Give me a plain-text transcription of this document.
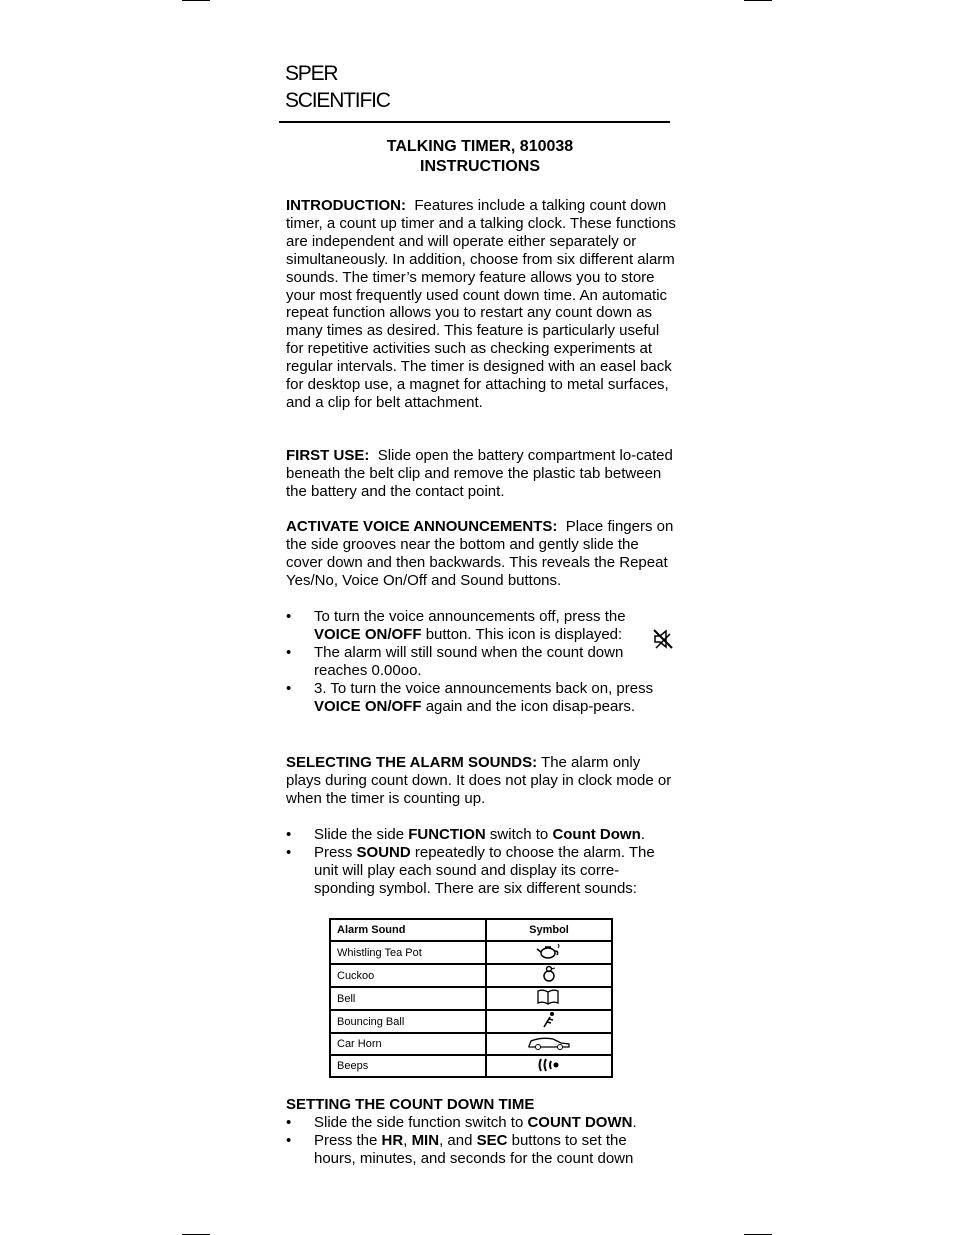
SPER
SCIENTIFIC
TALKING TIMER, 810038
INSTRUCTIONS

INTRODUCTION: Features include a talking count down timer, a count up timer and a talking clock. These functions are independent and will operate either separately or simultaneously. In addition, choose from six different alarm sounds. The timer’s memory feature allows you to store your most frequently used count down time. An automatic repeat function allows you to restart any count down as many times as desired. This feature is particularly useful for repetitive activities such as checking experiments at regular intervals. The timer is designed with an easel back for desktop use, a magnet for attaching to metal surfaces, and a clip for belt attachment.

FIRST USE: Slide open the battery compartment lo-cated beneath the belt clip and remove the plastic tab between the battery and the contact point.

ACTIVATE VOICE ANNOUNCEMENTS: Place fingers on the side grooves near the bottom and gently slide the cover down and then backwards. This reveals the Repeat Yes/No, Voice On/Off and Sound buttons.

• To turn the voice announcements off, press the VOICE ON/OFF button. This icon is displayed:
• The alarm will still sound when the count down reaches 0.00oo.
• 3. To turn the voice announcements back on, press VOICE ON/OFF again and the icon disap-pears.

SELECTING THE ALARM SOUNDS: The alarm only plays during count down. It does not play in clock mode or when the timer is counting up.

• Slide the side FUNCTION switch to Count Down.
• Press SOUND repeatedly to choose the alarm. The unit will play each sound and display its corre-sponding symbol. There are six different sounds:
Alarm Sound	Symbol
Whistling Tea Pot	
Cuckoo	
Bell	
Bouncing Ball	
Car Horn	
Beeps	

SETTING THE COUNT DOWN TIME

• Slide the side function switch to COUNT DOWN.
• Press the HR, MIN, and SEC buttons to set the hours, minutes, and seconds for the count down
